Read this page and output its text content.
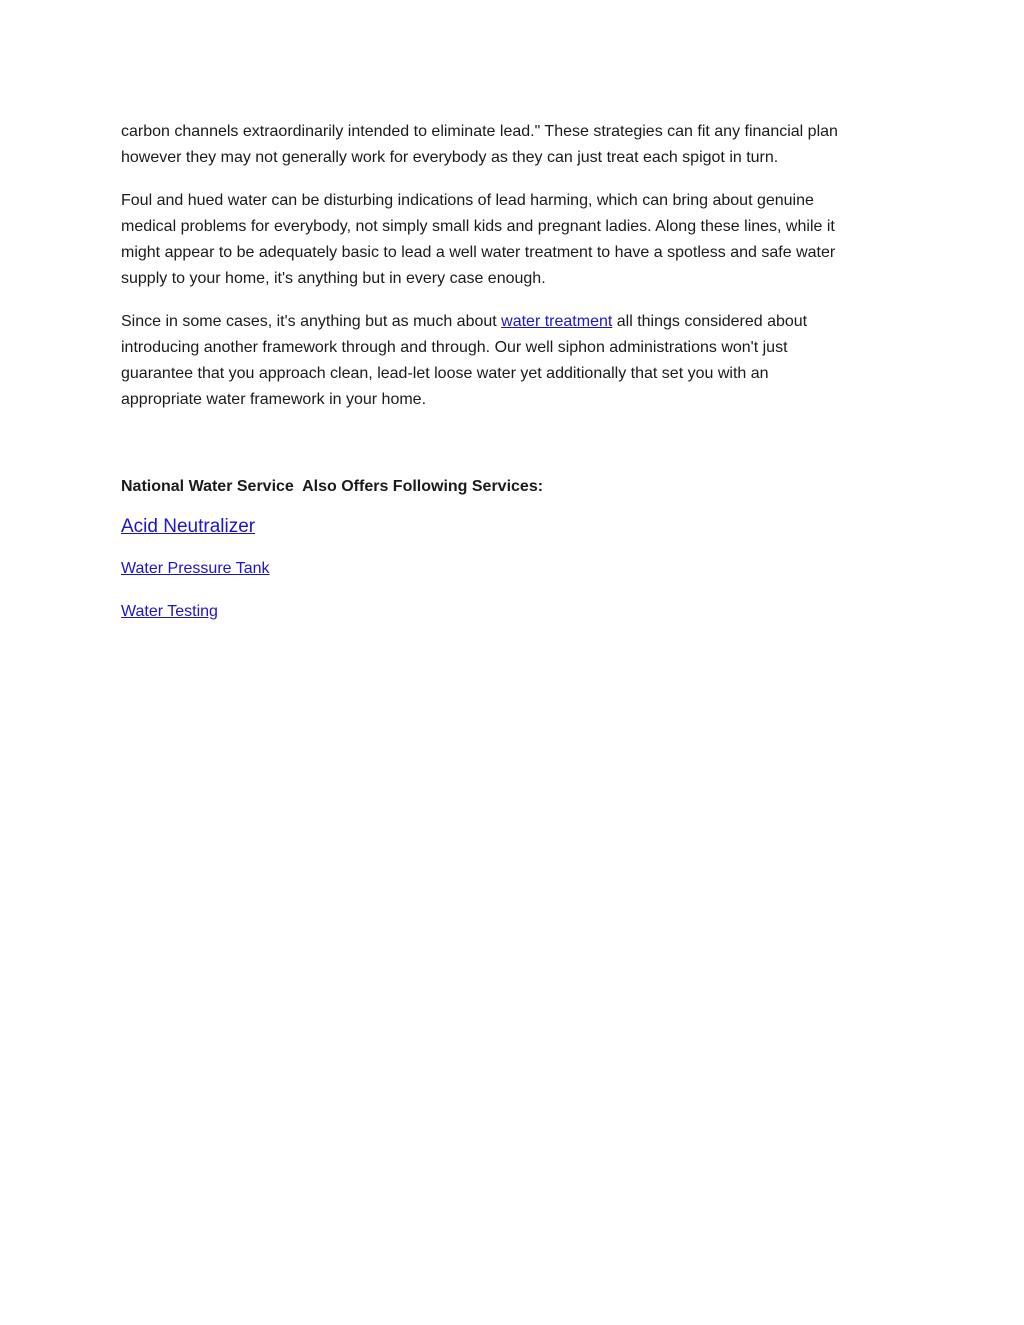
carbon channels extraordinarily intended to eliminate lead." These strategies can fit any financial plan
however they may not generally work for everybody as they can just treat each spigot in turn.

Foul and hued water can be disturbing indications of lead harming, which can bring about genuine
medical problems for everybody, not simply small kids and pregnant ladies. Along these lines, while it
might appear to be adequately basic to lead a well water treatment to have a spotless and safe water
supply to your home, it's anything but in every case enough.

Since in some cases, it's anything but as much about water treatment all things considered about
introducing another framework through and through. Our well siphon administrations won't just
guarantee that you approach clean, lead-let loose water yet additionally that set you with an
appropriate water framework in your home.

National Water Service  Also Offers Following Services:
Acid Neutralizer
Water Pressure Tank
Water Testing
